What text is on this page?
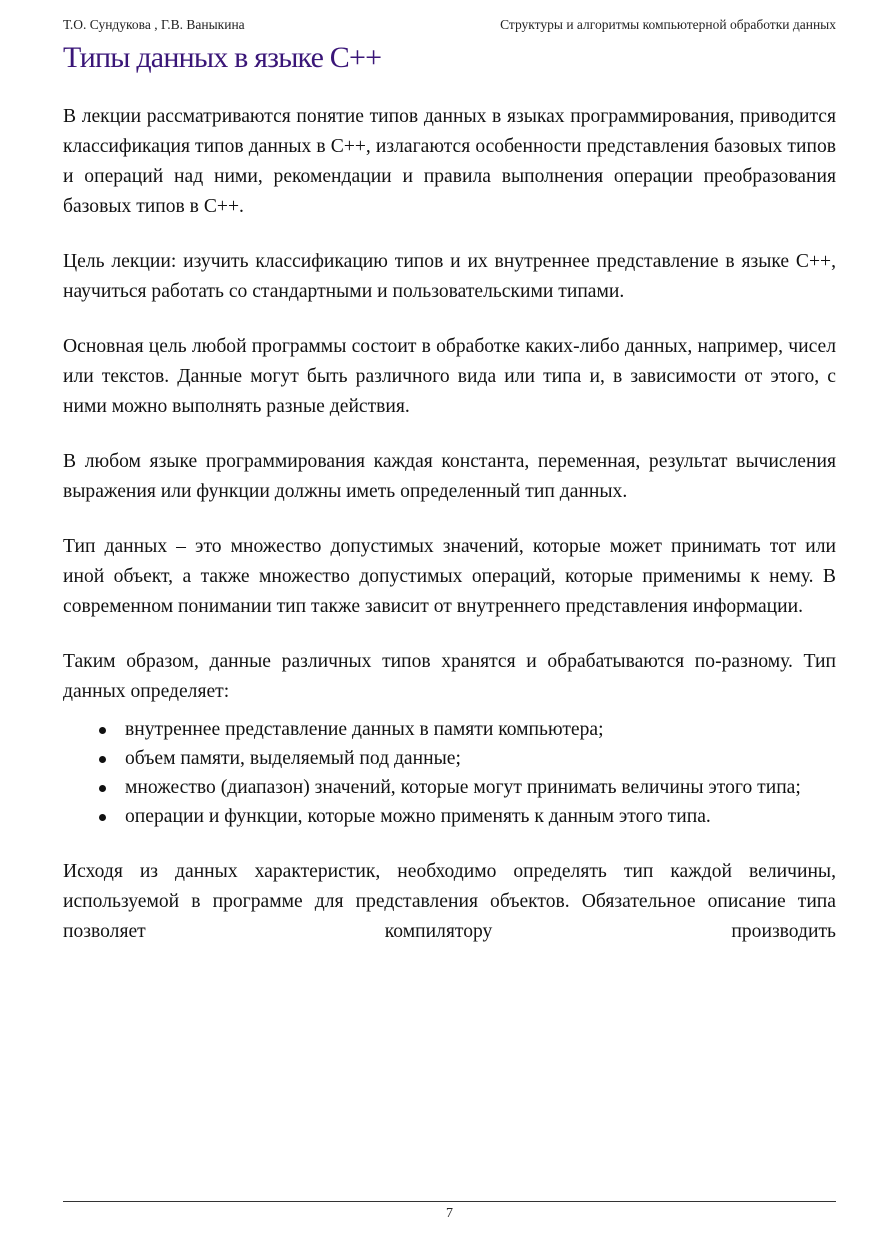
Т.О. Сундукова , Г.В. Ваныкина	Структуры и алгоритмы компьютерной обработки данных
Типы данных в языке С++

В лекции рассматриваются понятие типов данных в языках программирования, приводится классификация типов данных в С++, излагаются особенности представления базовых типов и операций над ними, рекомендации и правила выполнения операции преобразования базовых типов в С++.

Цель лекции: изучить классификацию типов и их внутреннее представление в языке С++, научиться работать со стандартными и пользовательскими типами.

Основная цель любой программы состоит в обработке каких-либо данных, например, чисел или текстов. Данные могут быть различного вида или типа и, в зависимости от этого, с ними можно выполнять разные действия.

В любом языке программирования каждая константа, переменная, результат вычисления выражения или функции должны иметь определенный тип данных.

Тип данных – это множество допустимых значений, которые может принимать тот или иной объект, а также множество допустимых операций, которые применимы к нему. В современном понимании тип также зависит от внутреннего представления информации.

Таким образом, данные различных типов хранятся и обрабатываются по-разному. Тип данных определяет:

внутреннее представление данных в памяти компьютера;
объем памяти, выделяемый под данные;
множество (диапазон) значений, которые могут принимать величины этого типа;
операции и функции, которые можно применять к данным этого типа.

Исходя из данных характеристик, необходимо определять тип каждой величины, используемой в программе для представления объектов. Обязательное описание типа позволяет компилятору производить

7
